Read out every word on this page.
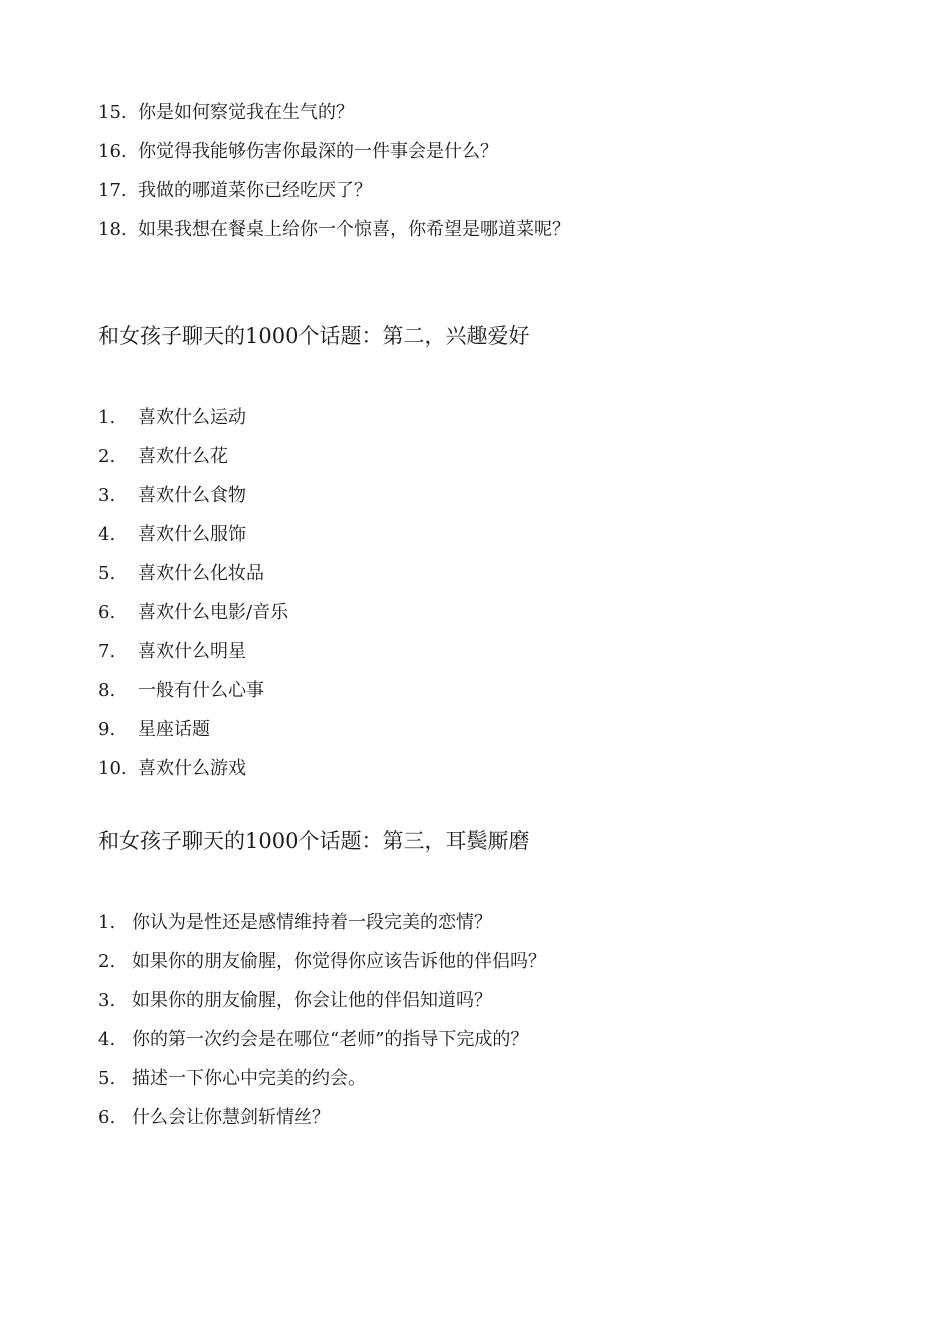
15. 你是如何察觉我在生气的？
16. 你觉得我能够伤害你最深的一件事会是什么？
17. 我做的哪道菜你已经吃厌了？
18. 如果我想在餐桌上给你一个惊喜，你希望是哪道菜呢？
和女孩子聊天的1000个话题：第二，兴趣爱好
1.	喜欢什么运动
2.	喜欢什么花
3.	喜欢什么食物
4.	喜欢什么服饰
5.	喜欢什么化妆品
6.	喜欢什么电影/音乐
7.	喜欢什么明星
8.	一般有什么心事
9.	星座话题
10. 喜欢什么游戏
和女孩子聊天的1000个话题：第三，耳鬓厮磨
1. 你认为是性还是感情维持着一段完美的恋情？
2. 如果你的朋友偷腥，你觉得你应该告诉他的伴侣吗？
3. 如果你的朋友偷腥，你会让他的伴侣知道吗？
4. 你的第一次约会是在哪位“老师”的指导下完成的？
5. 描述一下你心中完美的约会。
6. 什么会让你慧剑斩情丝？
